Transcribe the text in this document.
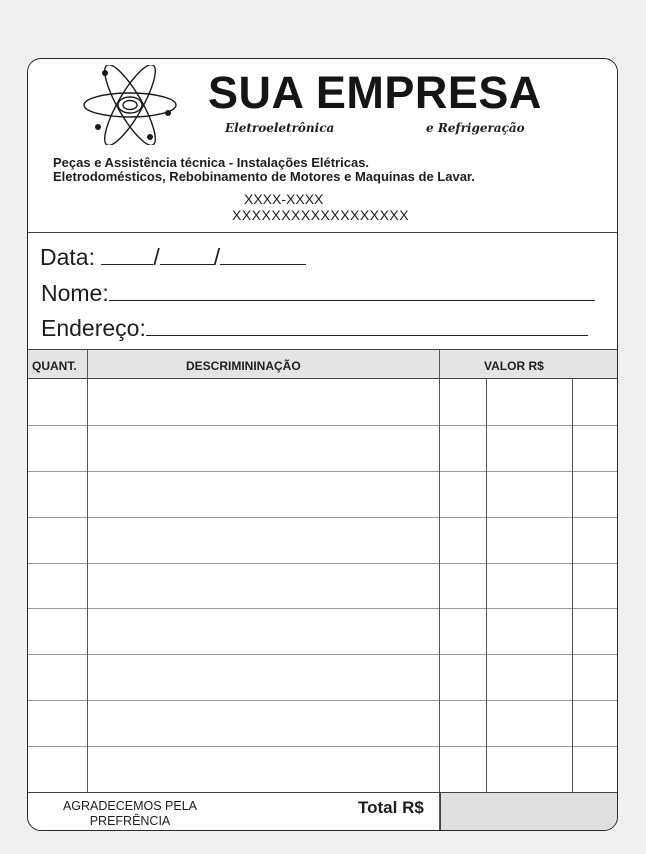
SUA EMPRESA
Eletroeletrônica	e Refrigeração
Peças e Assistência técnica - Instalações Elétricas.
Eletrodomésticos, Rebobinamento de Motores e Maquinas de Lavar.
XXXX-XXXX
XXXXXXXXXXXXXXXXXX
Data:	/ /
Nome:
Endereço:
QUANT.	DESCRIMININAÇÃO	VALOR R$
AGRADECEMOS PELA
PREFRÊNCIA
Total R$
